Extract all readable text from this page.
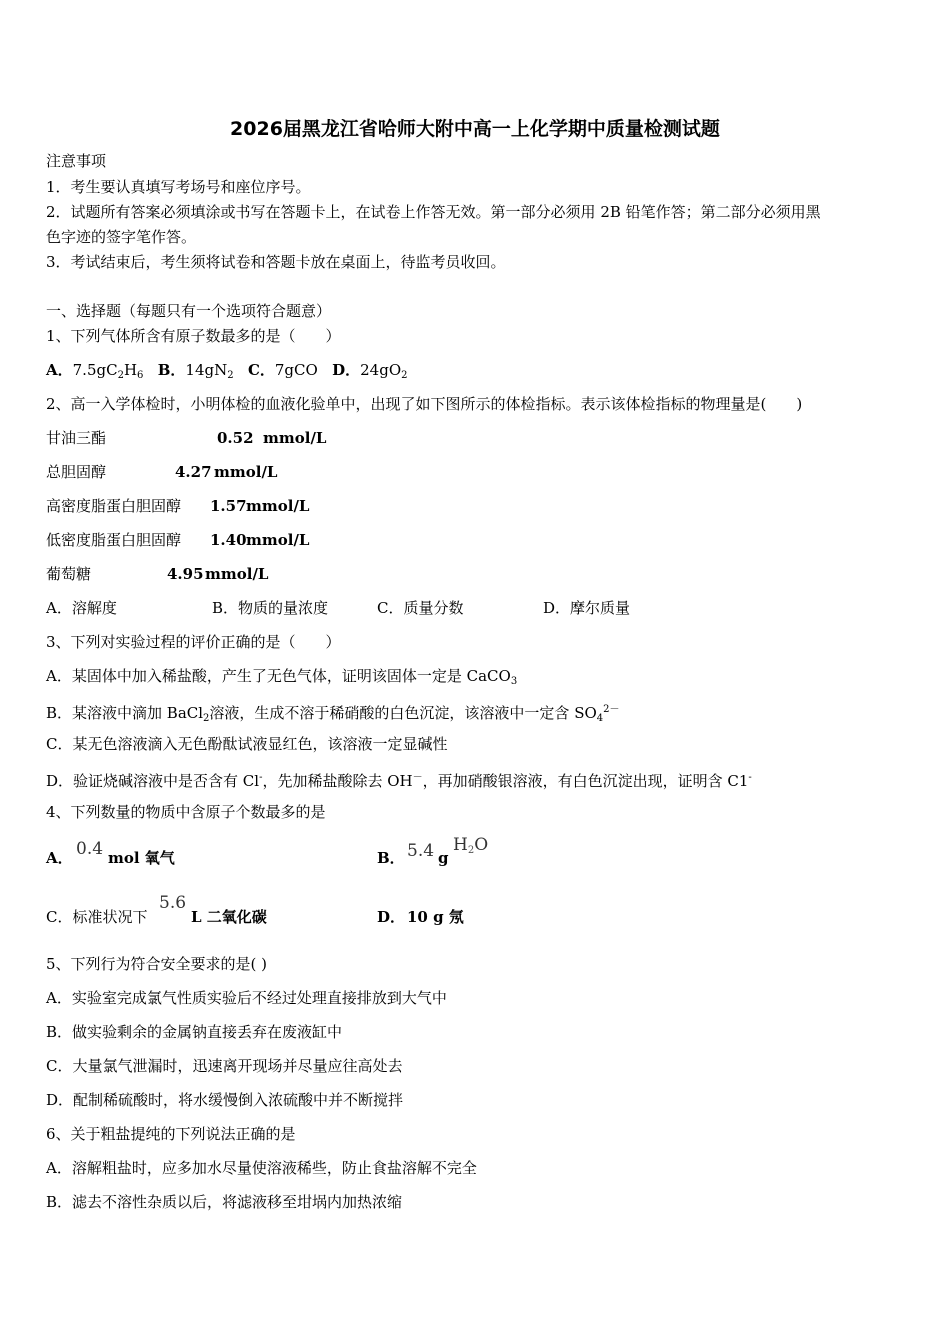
2026届黑龙江省哈师大附中高一上化学期中质量检测试题
注意事项
1．考生要认真填写考场号和座位序号。
2．试题所有答案必须填涂或书写在答题卡上，在试卷上作答无效。第一部分必须用 2B 铅笔作答；第二部分必须用黑
色字迹的签字笔作答。
3．考试结束后，考生须将试卷和答题卡放在桌面上，待监考员收回。
一、选择题（每题只有一个选项符合题意）
1、下列气体所含有原子数最多的是（　　）
A．$7.5gC_2H_6$ B．$14gN_2$ C．7gCO D．$24gO_2$
2、高一入学体检时，小明体检的血液化验单中，出现了如下图所示的体检指标。表示该体检指标的物理量是(　　)
甘油三酯	0.52 mmol/L
总胆固醇	4.27 mmol/L
高密度脂蛋白胆固醇 1.57 mmol/L
低密度脂蛋白胆固醇 1.40 mmol/L
葡萄糖	4.95 mmol/L
A．溶解度	B．物质的量浓度	C．质量分数	D．摩尔质量
3、下列对实验过程的评价正确的是（　　）
A．某固体中加入稀盐酸，产生了无色气体，证明该固体一定是 CaCO$_3$
B．某溶液中滴加 BaCl$_2$溶液，生成不溶于稀硝酸的白色沉淀，该溶液中一定含 $SO_4^{2-}$
C．某无色溶液滴入无色酚酞试液显红色，该溶液一定显碱性
D．验证烧碱溶液中是否含有 Cl-，先加稀盐酸除去 OH－，再加硝酸银溶液，有白色沉淀出现，证明含 C1-
4、下列数量的物质中含原子个数最多的是
A． 0.4 mol 氧气	B． 5.4 g
$H_2O$
C．标准状况下
5.6
L 二氧化碳	D． 10 g 氖
5、下列行为符合安全要求的是( )
A．实验室完成氯气性质实验后不经过处理直接排放到大气中
B．做实验剩余的金属钠直接丢弃在废液缸中
C．大量氯气泄漏时，迅速离开现场并尽量应往高处去
D．配制稀硫酸时，将水缓慢倒入浓硫酸中并不断搅拌
6、关于粗盐提纯的下列说法正确的是
A．溶解粗盐时，应多加水尽量使溶液稀些，防止食盐溶解不完全
B．滤去不溶性杂质以后，将滤液移至坩埚内加热浓缩
